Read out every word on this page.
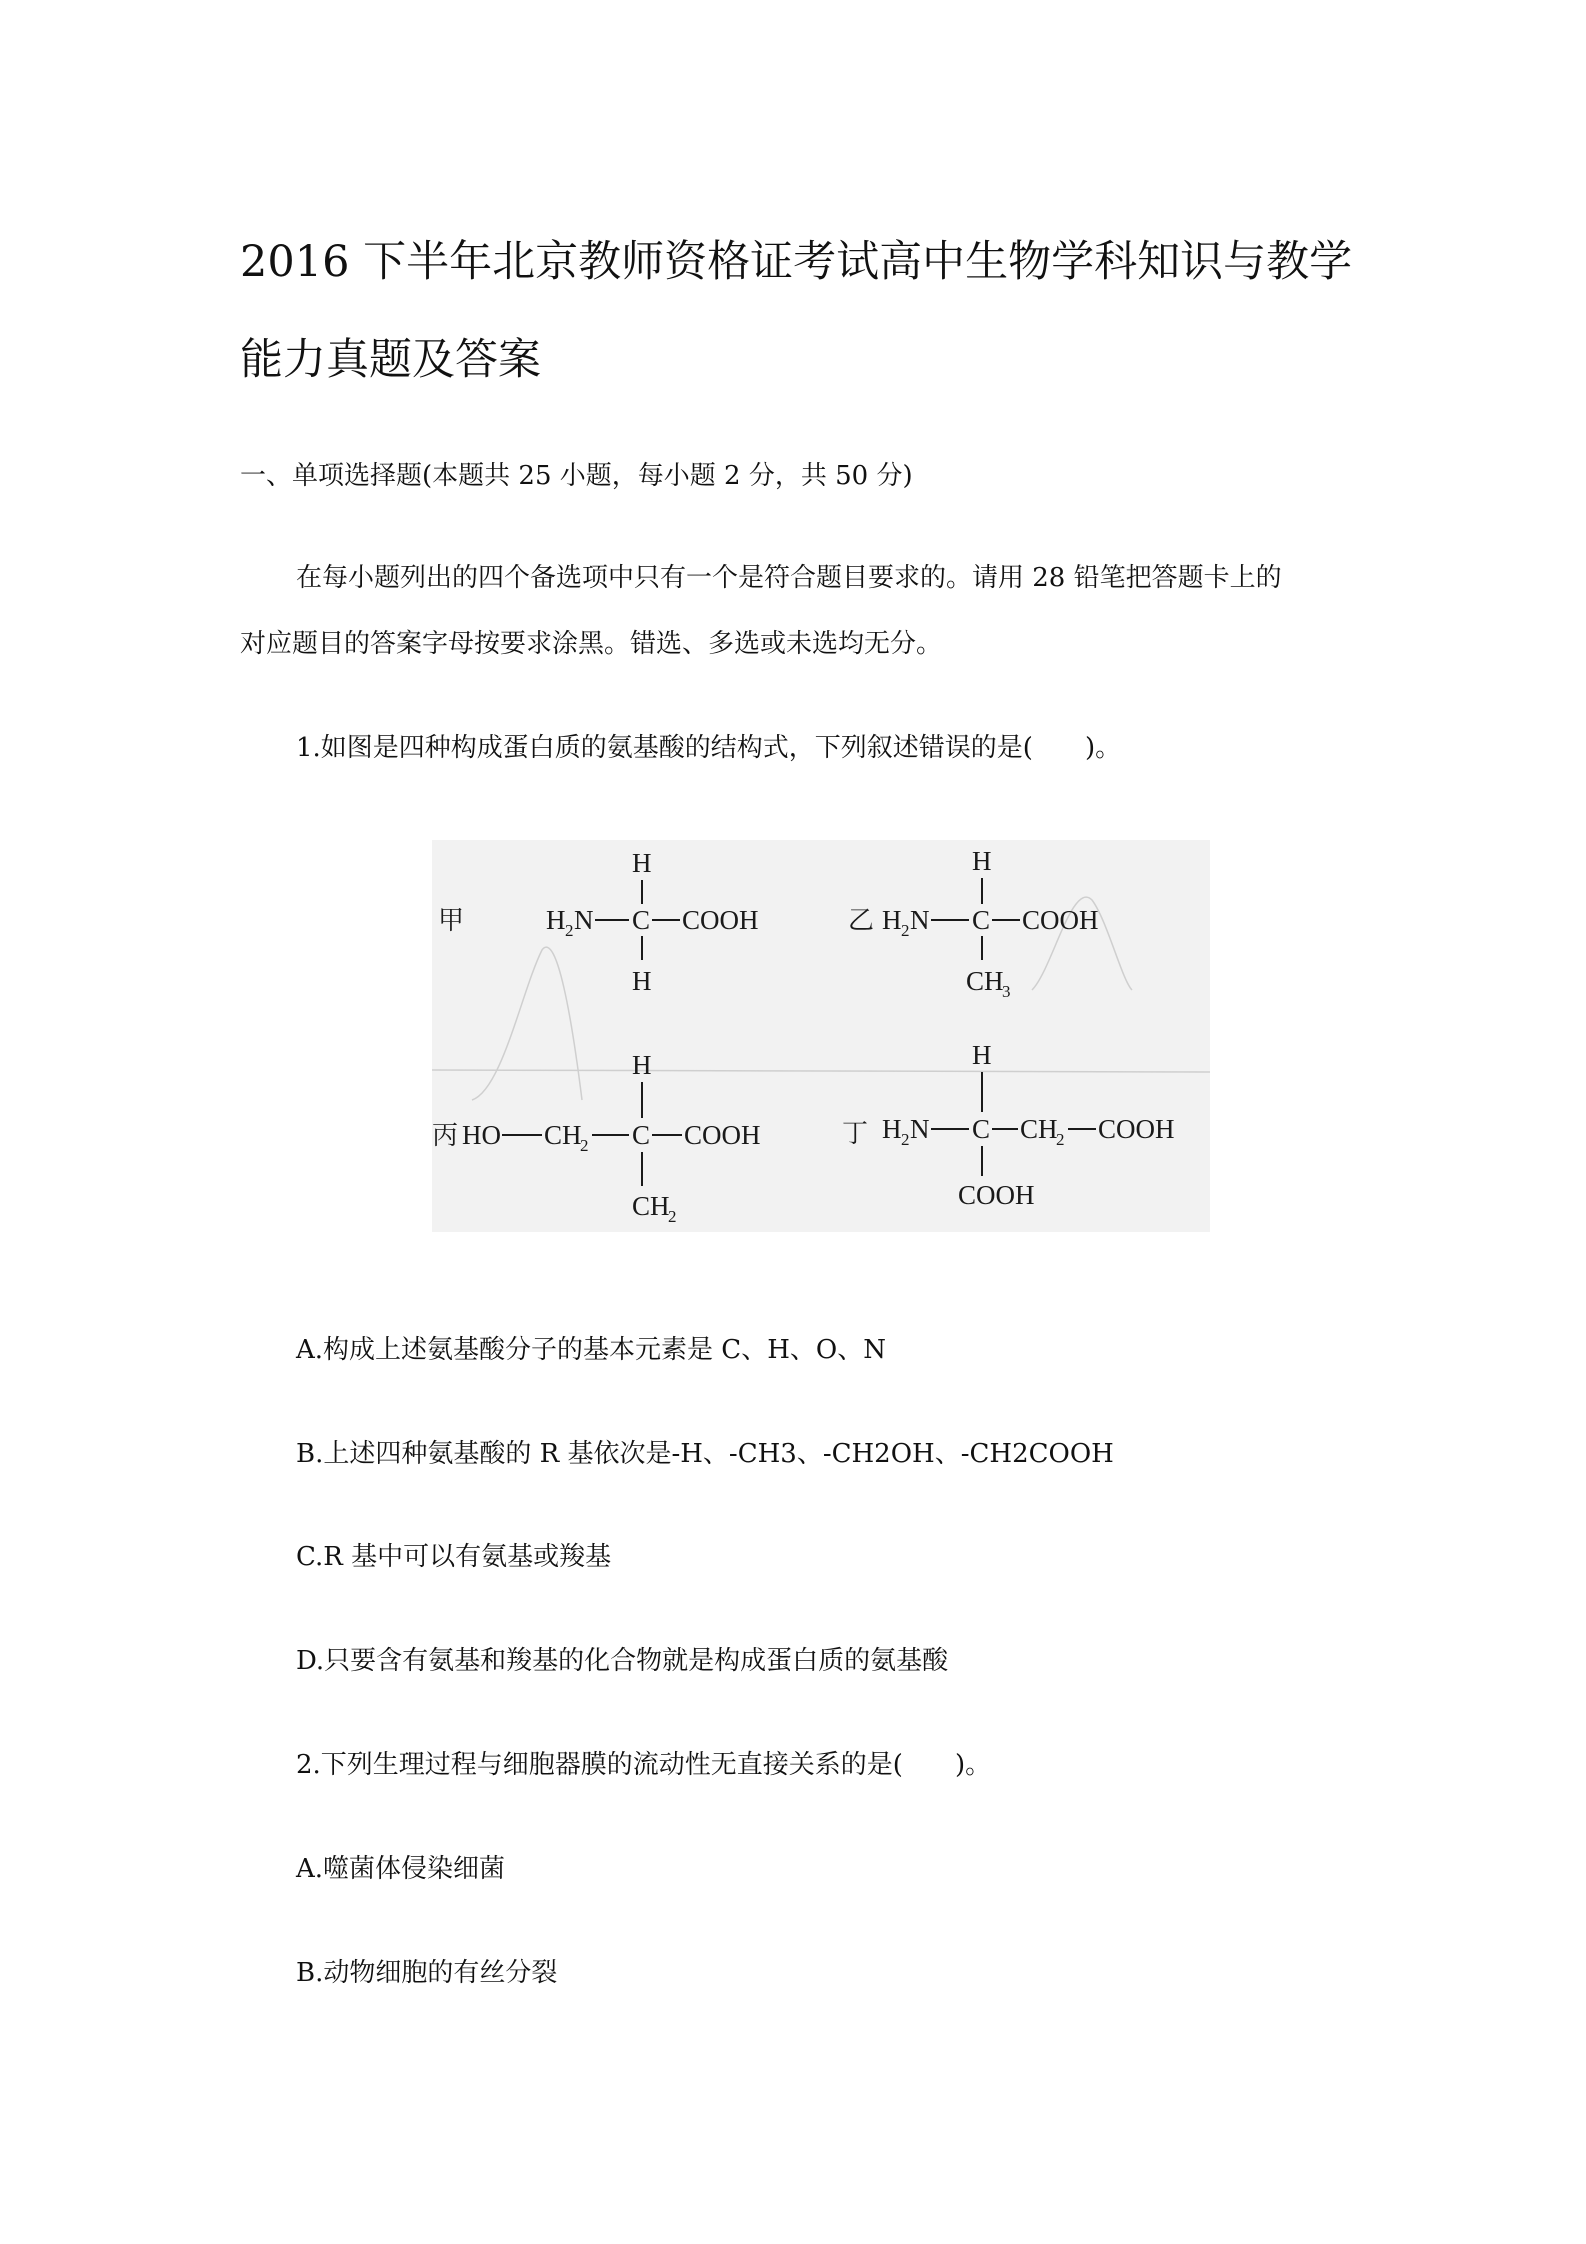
2016 下半年北京教师资格证考试高中生物学科知识与教学
能力真题及答案

一、单项选择题(本题共 25 小题，每小题 2 分，共 50 分)

在每小题列出的四个备选项中只有一个是符合题目要求的。请用 28 铅笔把答题卡上的

对应题目的答案字母按要求涂黑。错选、多选或未选均无分。

1.如图是四种构成蛋白质的氨基酸的结构式，下列叙述错误的是(　　)。

甲
H
H 2 N C COOH
H
乙
H
H 2 N C COOH
CH
3
丙
H
HO CH
2 C COOH
CH
2
丁
H
H 2 N C CH
2 COOH
COOH

A.构成上述氨基酸分子的基本元素是 C、H、O、N

B.上述四种氨基酸的 R 基依次是-H、-CH3、-CH2OH、-CH2COOH

C.R 基中可以有氨基或羧基

D.只要含有氨基和羧基的化合物就是构成蛋白质的氨基酸

2.下列生理过程与细胞器膜的流动性无直接关系的是(　　)。

A.噬菌体侵染细菌

B.动物细胞的有丝分裂
